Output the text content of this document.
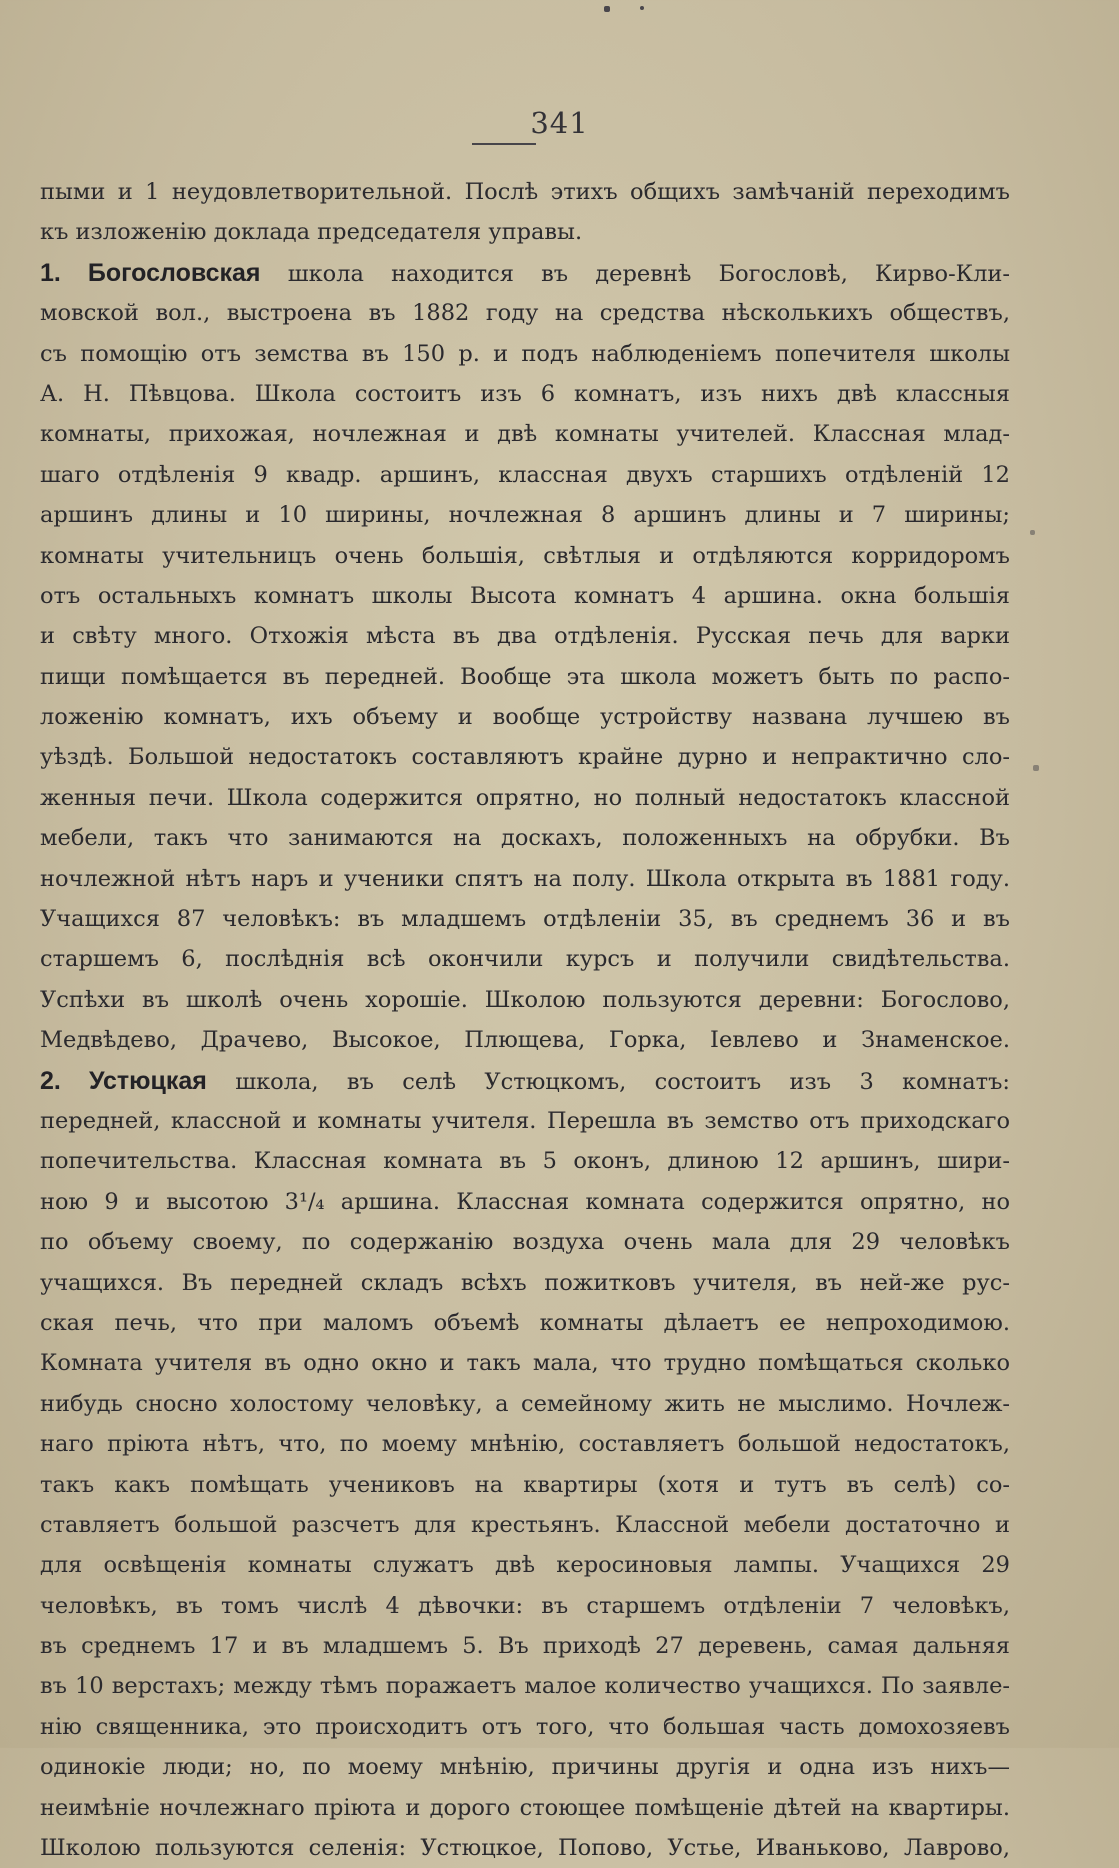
341
пыми и 1 неудовлетворительной. Послѣ этихъ общихъ замѣчанiй переходимъ
къ изложенiю доклада председателя управы.
1. Богословская школа находится въ деревнѣ Богословѣ, Кирво-Кли-
мовской вол., выстроена въ 1882 году на средства нѣсколькихъ обществъ,
съ помощiю отъ земства въ 150 р. и подъ наблюденiемъ попечителя школы
А. Н. Пѣвцова. Школа состоитъ изъ 6 комнатъ, изъ нихъ двѣ классныя
комнаты, прихожая, ночлежная и двѣ комнаты учителей. Классная млад-
шаго отдѣленiя 9 квадр. аршинъ, классная двухъ старшихъ отдѣленiй 12
аршинъ длины и 10 ширины, ночлежная 8 аршинъ длины и 7 ширины;
комнаты учительницъ очень большiя, свѣтлыя и отдѣляются корридоромъ
отъ остальныхъ комнатъ школы Высота комнатъ 4 аршина. окна большiя
и свѣту много. Отхожiя мѣста въ два отдѣленiя. Русская печь для варки
пищи помѣщается въ передней. Вообще эта школа можетъ быть по распо-
ложенiю комнатъ, ихъ объему и вообще устройству названа лучшею въ
уѣздѣ. Большой недостатокъ составляютъ крайне дурно и непрактично сло-
женныя печи. Школа содержится опрятно, но полный недостатокъ классной
мебели, такъ что занимаются на доскахъ, положенныхъ на обрубки. Въ
ночлежной нѣтъ наръ и ученики спятъ на полу. Школа открыта въ 1881 году.
Учащихся 87 человѣкъ: въ младшемъ отдѣленiи 35, въ среднемъ 36 и въ
старшемъ 6, послѣднiя всѣ окончили курсъ и получили свидѣтельства.
Успѣхи въ школѣ очень хорошiе. Школою пользуются деревни: Богослово,
Медвѣдево, Драчево, Высокое, Плющева, Горка, Iевлево и Знаменское.
2. Устюцкая школа, въ селѣ Устюцкомъ, состоитъ изъ 3 комнатъ:
передней, классной и комнаты учителя. Перешла въ земство отъ приходскаго
попечительства. Классная комната въ 5 оконъ, длиною 12 аршинъ, шири-
ною 9 и высотою 3¹/₄ аршина. Классная комната содержится опрятно, но
по объему своему, по содержанiю воздуха очень мала для 29 человѣкъ
учащихся. Въ передней складъ всѣхъ пожитковъ учителя, въ ней-же рус-
ская печь, что при маломъ объемѣ комнаты дѣлаетъ ее непроходимою.
Комната учителя въ одно окно и такъ мала, что трудно помѣщаться сколько
нибудь сносно холостому человѣку, а семейному жить не мыслимо. Ночлеж-
наго прiюта нѣтъ, что, по моему мнѣнiю, составляетъ большой недостатокъ,
такъ какъ помѣщать учениковъ на квартиры (хотя и тутъ въ селѣ) со-
ставляетъ большой разсчетъ для крестьянъ. Классной мебели достаточно и
для освѣщенiя комнаты служатъ двѣ керосиновыя лампы. Учащихся 29
человѣкъ, въ томъ числѣ 4 дѣвочки: въ старшемъ отдѣленiи 7 человѣкъ,
въ среднемъ 17 и въ младшемъ 5. Въ приходѣ 27 деревень, самая дальняя
въ 10 верстахъ; между тѣмъ поражаетъ малое количество учащихся. По заявле-
нiю священника, это происходитъ отъ того, что большая часть домохозяевъ
одинокiе люди; но, по моему мнѣнiю, причины другiя и одна изъ нихъ—
неимѣнiе ночлежнаго прiюта и дорого стоющее помѣщенiе дѣтей на квартиры.
Школою пользуются селенiя: Устюцкое, Попово, Устье, Иваньково, Лаврово,
